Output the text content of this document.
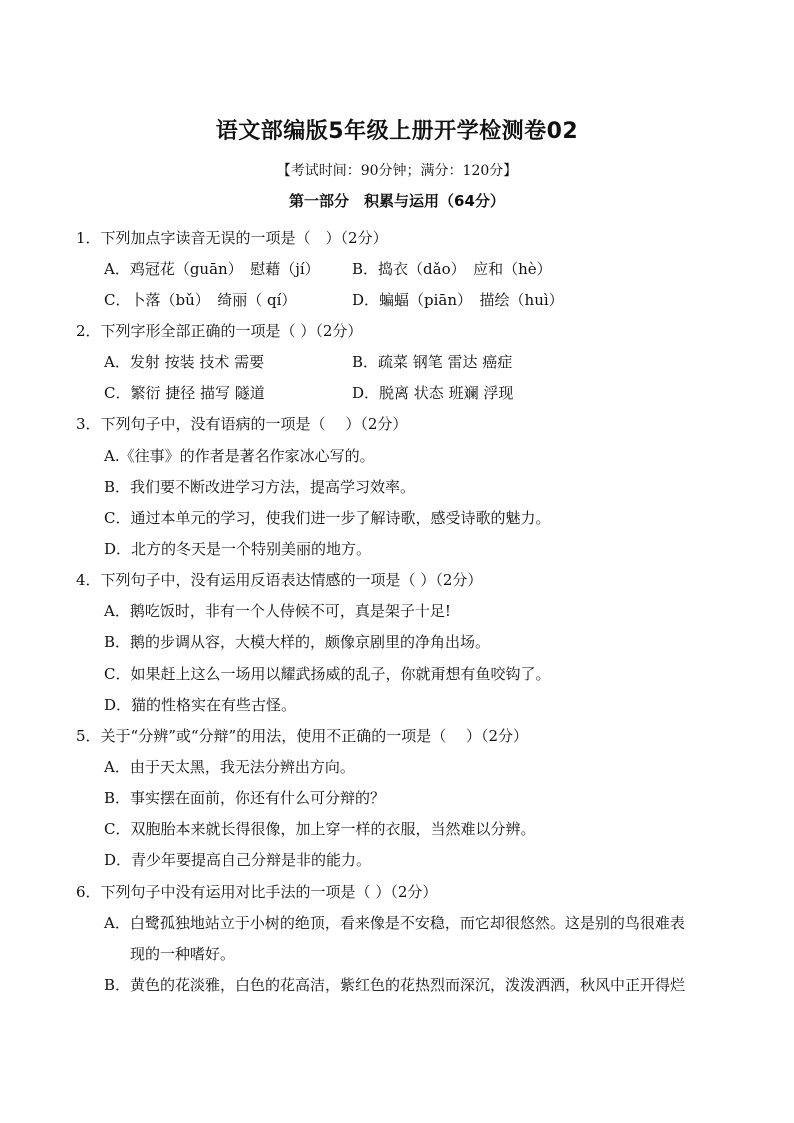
语文部编版5年级上册开学检测卷02
【考试时间：90分钟；满分：120分】
第一部分　积累与运用（64分）
1．下列加点字读音无误的一项是（　）（2分）
A．鸡冠花（guān）　慰藉（jí） B．捣衣（dǎo）　应和（hè）
C．卜落（bǔ）　绮丽（ qí）	D．蝙蝠（piān）　描绘（huì）
2．下列字形全部正确的一项是（ ）（2分）
A．发射 按装 技术 需要	B．疏菜 钢笔 雷达 癌症
C．繁衍 捷径 描写 隧道	D．脱离 状态 班斓 浮现
3．下列句子中，没有语病的一项是（　 ）（2分）
A.《往事》的作者是著名作家冰心写的。
B．我们要不断改进学习方法，提高学习效率。
C．通过本单元的学习，使我们进一步了解诗歌，感受诗歌的魅力。
D．北方的冬天是一个特别美丽的地方。
4．下列句子中，没有运用反语表达情感的一项是（ ）（2分）
A．鹅吃饭时，非有一个人侍候不可，真是架子十足!
B．鹅的步调从容，大模大样的，颇像京剧里的净角出场。
C．如果赶上这么一场用以耀武扬威的乱子，你就甭想有鱼咬钩了。
D．猫的性格实在有些古怪。
5．关于“分辨”或“分辩”的用法，使用不正确的一项是（　 ）（2分）
A．由于天太黑，我无法分辨出方向。
B．事实摆在面前，你还有什么可分辩的？
C．双胞胎本来就长得很像，加上穿一样的衣服，当然难以分辨。
D．青少年要提高自己分辩是非的能力。
6．下列句子中没有运用对比手法的一项是（ ）（2分）
A．白鹭孤独地站立于小树的绝顶，看来像是不安稳，而它却很悠然。这是别的鸟很难表
现的一种嗜好。
B．黄色的花淡雅，白色的花高洁，紫红色的花热烈而深沉，泼泼洒洒，秋风中正开得烂
